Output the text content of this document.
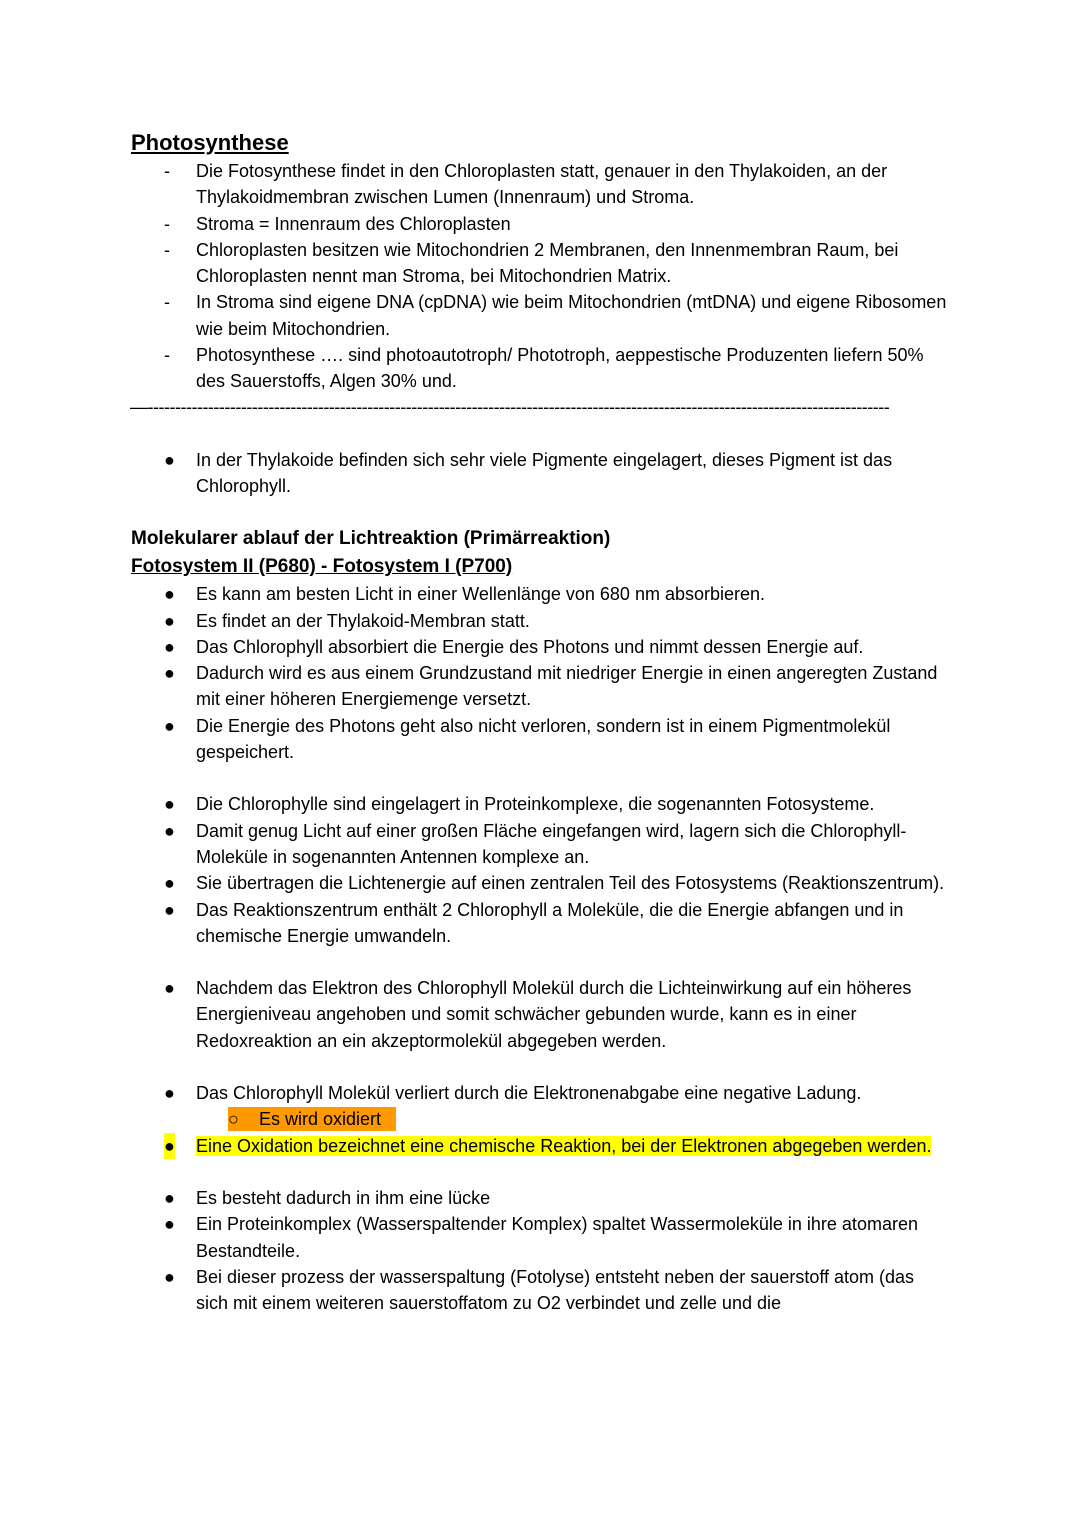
Photosynthese
- Die Fotosynthese findet in den Chloroplasten statt, genauer in den Thylakoiden, an der Thylakoidmembran zwischen Lumen (Innenraum) und Stroma.
- Stroma = Innenraum des Chloroplasten
- Chloroplasten besitzen wie Mitochondrien 2 Membranen, den Innenmembran Raum, bei Chloroplasten nennt man Stroma, bei Mitochondrien Matrix.
- In Stroma sind eigene DNA (cpDNA) wie beim Mitochondrien (mtDNA) und eigene Ribosomen wie beim Mitochondrien.
- Photosynthese …. sind photoautotroph/ Phototroph, aeppestische Produzenten liefern 50% des Sauerstoffs, Algen 30% und.
—---------------------------------------------------------------------------------------------------------------------------------------
● In der Thylakoide befinden sich sehr viele Pigmente eingelagert, dieses Pigment ist das Chlorophyll.
Molekularer ablauf der Lichtreaktion (Primärreaktion)
Fotosystem II (P680) - Fotosystem I (P700)
● Es kann am besten Licht in einer Wellenlänge von 680 nm absorbieren.
● Es findet an der Thylakoid-Membran statt.
● Das Chlorophyll absorbiert die Energie des Photons und nimmt dessen Energie auf.
● Dadurch wird es aus einem Grundzustand mit niedriger Energie in einen angeregten Zustand mit einer höheren Energiemenge versetzt.
● Die Energie des Photons geht also nicht verloren, sondern ist in einem Pigmentmolekül gespeichert.
● Die Chlorophylle sind eingelagert in Proteinkomplexe, die sogenannten Fotosysteme.
● Damit genug Licht auf einer großen Fläche eingefangen wird, lagern sich die Chlorophyll-Moleküle in sogenannten Antennen komplexe an.
● Sie übertragen die Lichtenergie auf einen zentralen Teil des Fotosystems (Reaktionszentrum).
● Das Reaktionszentrum enthält 2 Chlorophyll a Moleküle, die die Energie abfangen und in chemische Energie umwandeln.
● Nachdem das Elektron des Chlorophyll Molekül durch die Lichteinwirkung auf ein höheres Energieniveau angehoben und somit schwächer gebunden wurde, kann es in einer Redoxreaktion an ein akzeptormolekül abgegeben werden.
● Das Chlorophyll Molekül verliert durch die Elektronenabgabe eine negative Ladung.
○ Es wird oxidiert
● Eine Oxidation bezeichnet eine chemische Reaktion, bei der Elektronen abgegeben werden.
● Es besteht dadurch in ihm eine lücke
● Ein Proteinkomplex (Wasserspaltender Komplex) spaltet Wassermoleküle in ihre atomaren Bestandteile.
● Bei dieser prozess der wasserspaltung (Fotolyse) entsteht neben der sauerstoff atom (das sich mit einem weiteren sauerstoffatom zu O2 verbindet und zelle und die
